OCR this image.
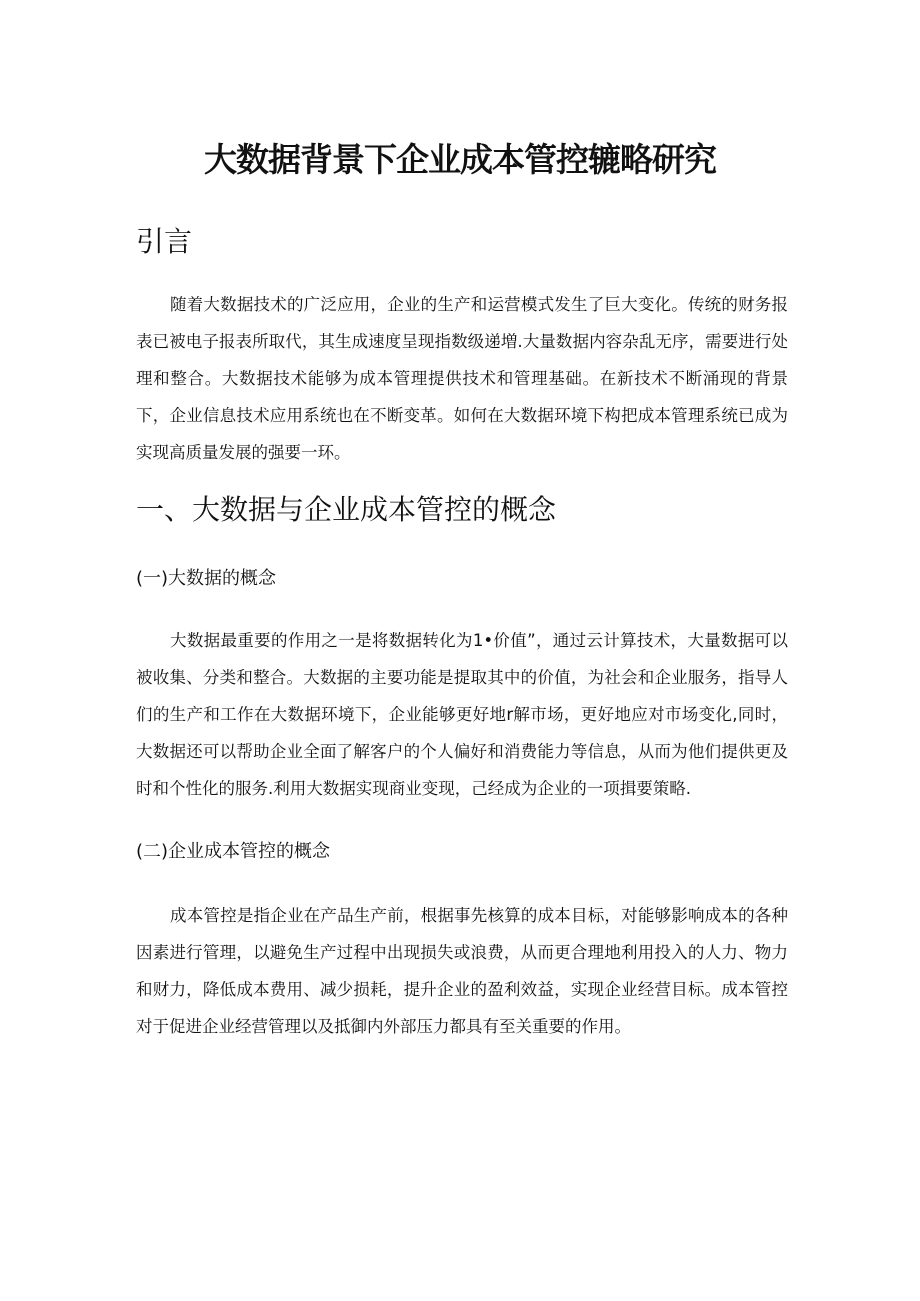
大数据背景下企业成本管控辘略研究
引言

随着大数据技术的广泛应用，企业的生产和运营模式发生了巨大变化。传统的财务报表已被电子报表所取代，其生成速度呈现指数级递増.大量数据内容杂乱无序，需要进行处理和整合。大数据技术能够为成本管理提供技术和管理基础。在新技术不断涌现的背景下，企业信息技术应用系统也在不断变革。如何在大数据环境下构把成本管理系统已成为实现高质量发展的强要一环。

一、大数据与企业成本管控的概念
(一)大数据的概念

大数据最重要的作用之一是将数据转化为1•价值”，通过云计算技术，大量数据可以被收集、分类和整合。大数据的主要功能是提取其中的价值，为社会和企业服务，指导人们的生产和工作在大数据环境下，企业能够更好地r解市场，更好地应对市场变化,同时，大数据还可以帮助企业全面了解客户的个人偏好和消费能力等信息，从而为他们提供更及时和个性化的服务.利用大数据实现商业变现，己经成为企业的一项揖要策略.

(二)企业成本管控的概念

成本管控是指企业在产品生产前，根据事先核算的成本目标，对能够影响成本的各种因素进行管理，以避免生产过程中出现损失或浪费，从而更合理地利用投入的人力、物力和财力，降低成本费用、减少损耗，提升企业的盈利效益，实现企业经营目标。成本管控对于促进企业经营管理以及抵御内外部压力都具有至关重要的作用。
